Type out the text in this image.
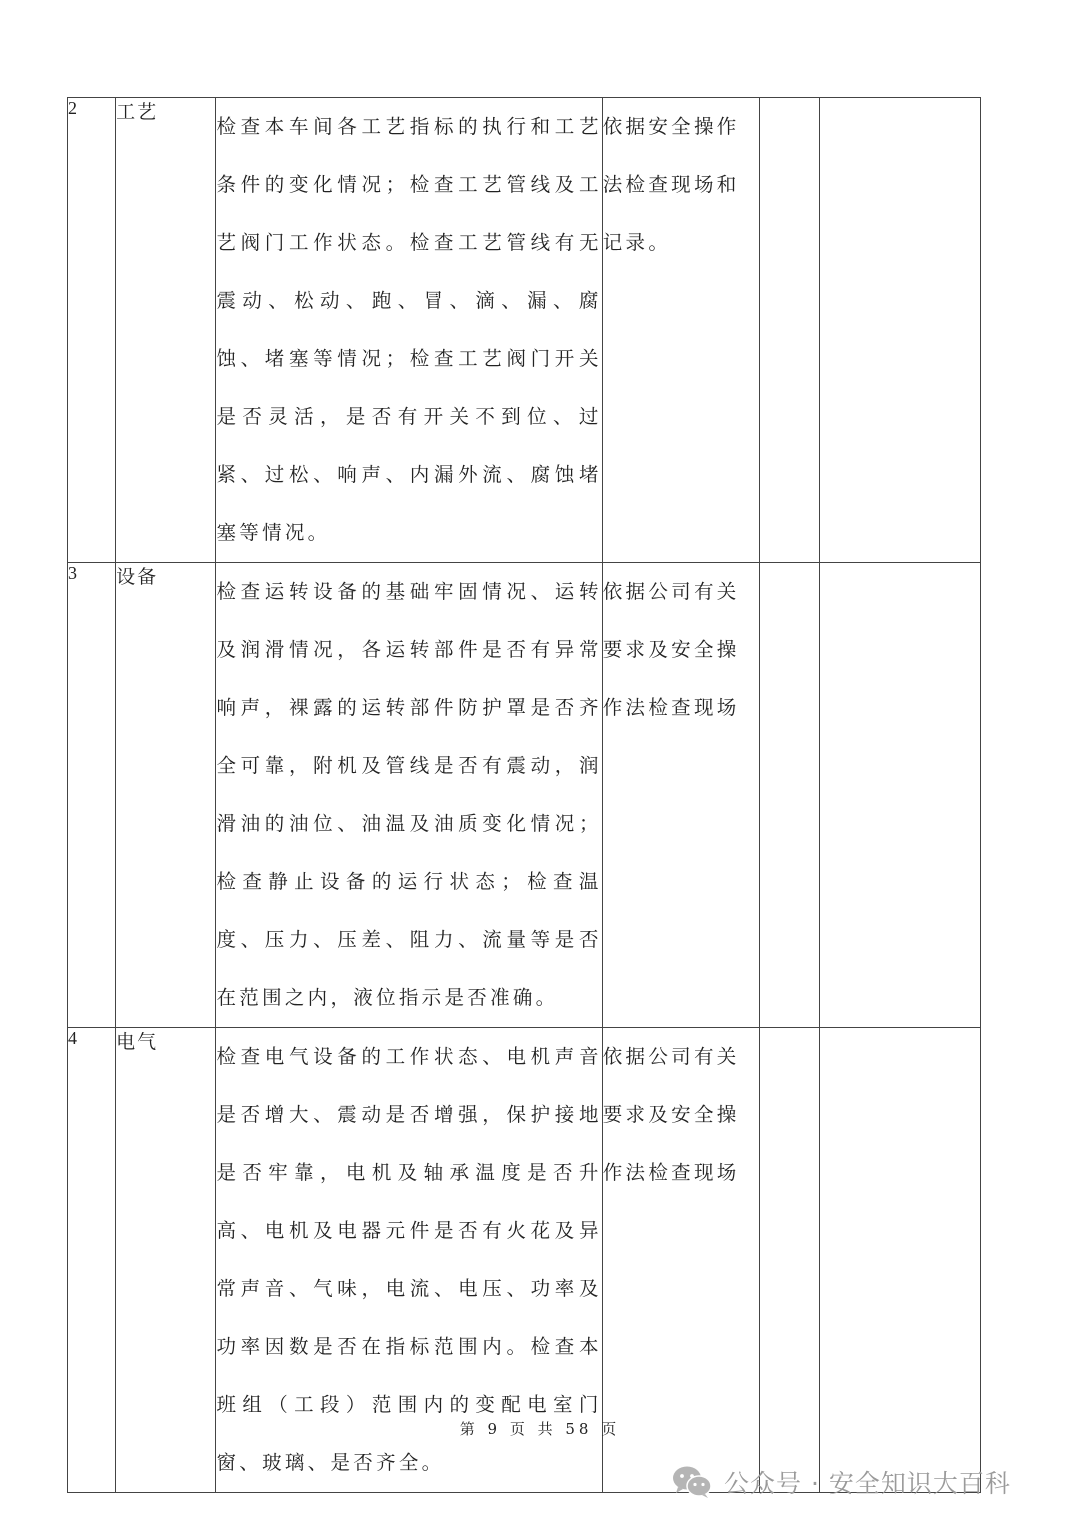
2	工艺	检查本车间各工艺指标的执行和工艺条件的变化情况；检查工艺管线及工艺阀门工作状态。检查工艺管线有无震动、松动、跑、冒、滴、漏、腐蚀、堵塞等情况；检查工艺阀门开关是否灵活，是否有开关不到位、过紧、过松、响声、内漏外流、腐蚀堵塞等情况。	依据安全操作法检查现场和记录。		
3	设备	检查运转设备的基础牢固情况、运转及润滑情况，各运转部件是否有异常响声，裸露的运转部件防护罩是否齐全可靠，附机及管线是否有震动，润滑油的油位、油温及油质变化情况；检查静止设备的运行状态；检查温度、压力、压差、阻力、流量等是否在范围之内，液位指示是否准确。	依据公司有关要求及安全操作法检查现场		
4	电气	检查电气设备的工作状态、电机声音是否增大、震动是否增强，保护接地是否牢靠，电机及轴承温度是否升高、电机及电器元件是否有火花及异常声音、气味，电流、电压、功率及功率因数是否在指标范围内。检查本班组（工段）范围内的变配电室门窗、玻璃、是否齐全。	依据公司有关要求及安全操作法检查现场		
第 9 页 共 58 页
公众号 · 安全知识大百科
